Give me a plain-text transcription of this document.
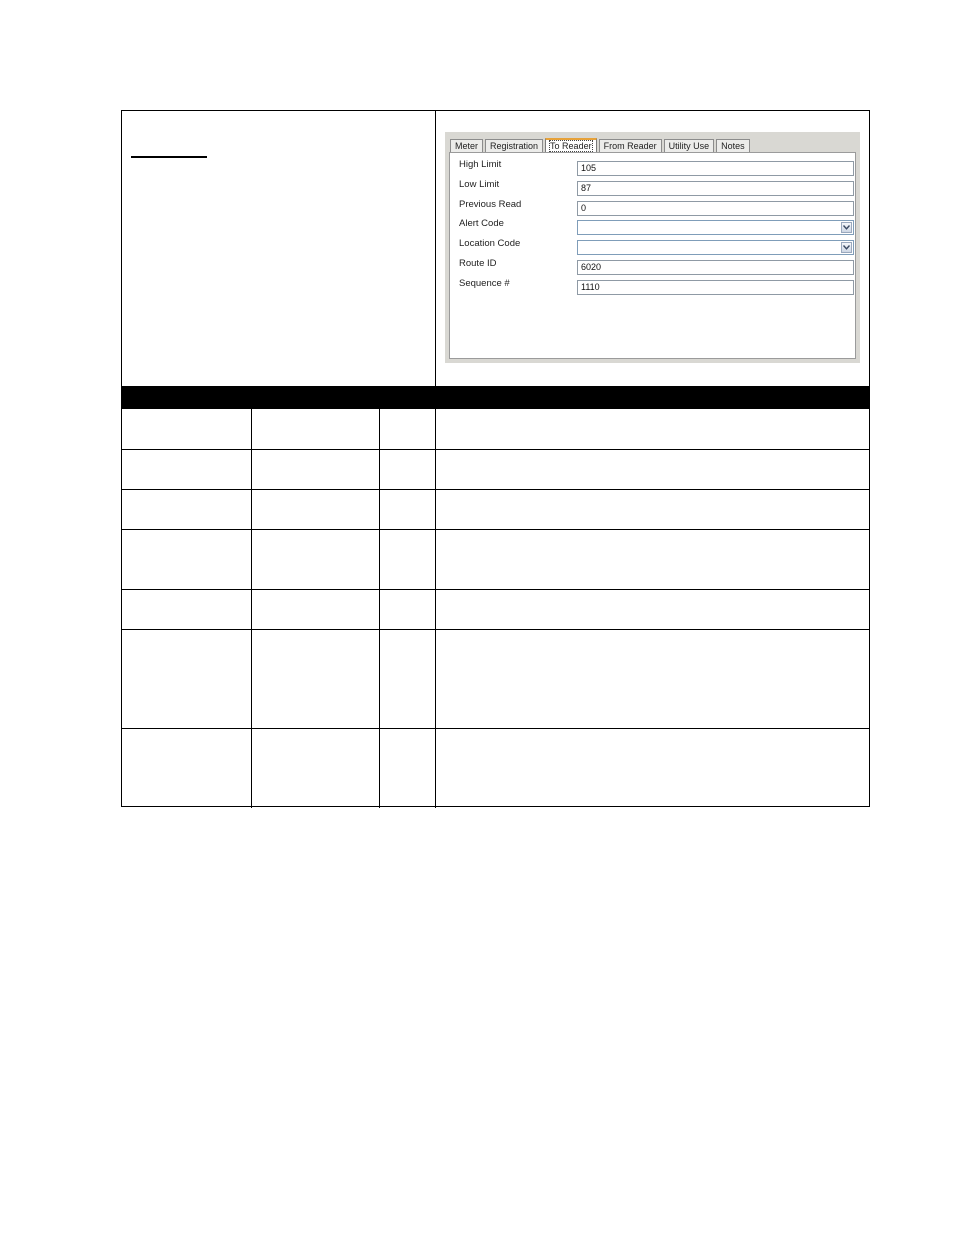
Meter	Registration	To Reader	From Reader	Utility Use	Notes
High Limit	105
Low Limit	87
Previous Read	0
Alert Code
Location Code
Route ID	6020
Sequence #	1110
